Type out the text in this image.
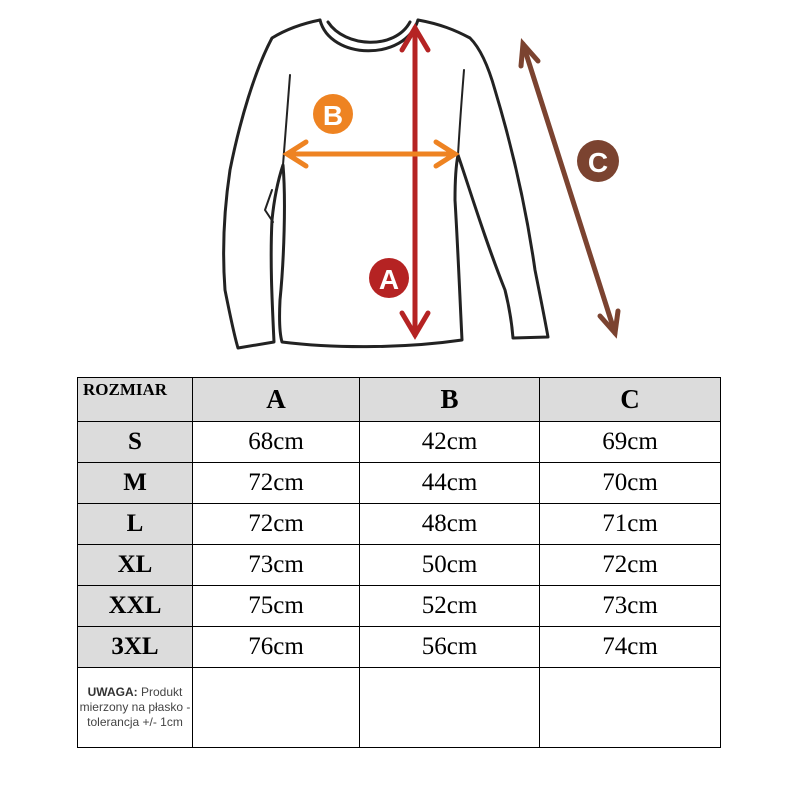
A
B
C
ROZMIAR	A	B	C
S	68cm	42cm	69cm
M	72cm	44cm	70cm
L	72cm	48cm	71cm
XL	73cm	50cm	72cm
XXL	75cm	52cm	73cm
3XL	76cm	56cm	74cm
UWAGA: Produkt mierzony na płasko - tolerancja +/- 1cm			
